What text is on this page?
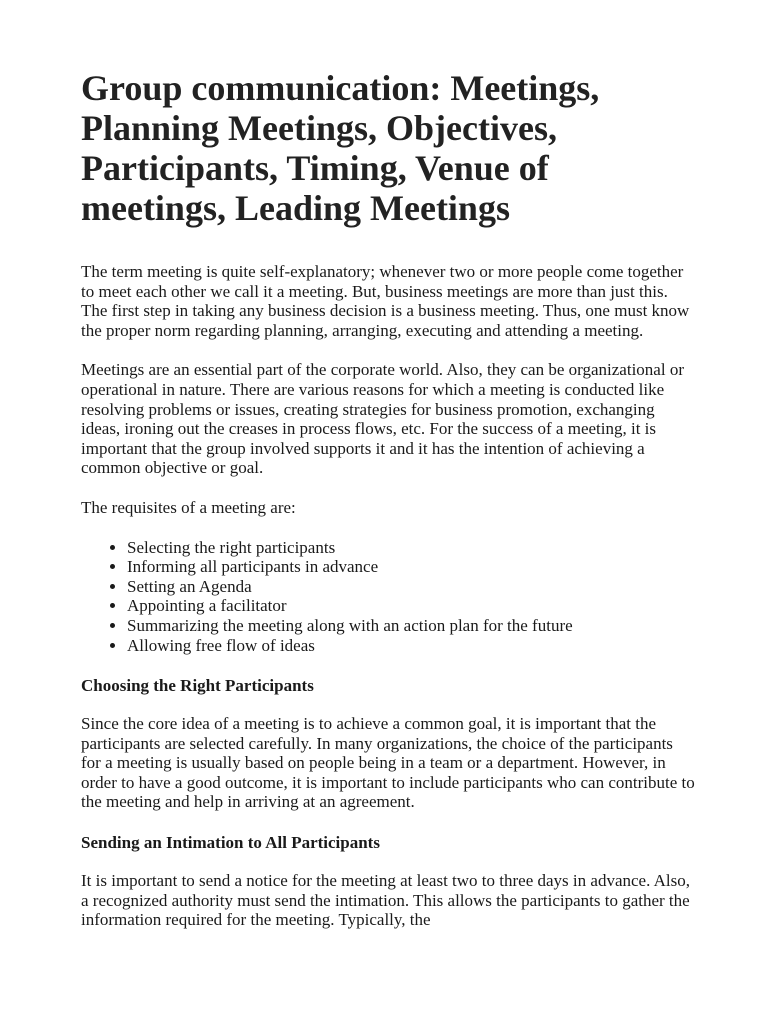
Group communication: Meetings, Planning Meetings, Objectives, Participants, Timing, Venue of meetings, Leading Meetings

The term meeting is quite self-explanatory; whenever two or more people come together to meet each other we call it a meeting. But, business meetings are more than just this. The first step in taking any business decision is a business meeting. Thus, one must know the proper norm regarding planning, arranging, executing and attending a meeting.

Meetings are an essential part of the corporate world. Also, they can be organizational or operational in nature. There are various reasons for which a meeting is conducted like resolving problems or issues, creating strategies for business promotion, exchanging ideas, ironing out the creases in process flows, etc. For the success of a meeting, it is important that the group involved supports it and it has the intention of achieving a common objective or goal.

The requisites of a meeting are:

• Selecting the right participants
• Informing all participants in advance
• Setting an Agenda
• Appointing a facilitator
• Summarizing the meeting along with an action plan for the future
• Allowing free flow of ideas
Choosing the Right Participants

Since the core idea of a meeting is to achieve a common goal, it is important that the participants are selected carefully. In many organizations, the choice of the participants for a meeting is usually based on people being in a team or a department. However, in order to have a good outcome, it is important to include participants who can contribute to the meeting and help in arriving at an agreement.

Sending an Intimation to All Participants

It is important to send a notice for the meeting at least two to three days in advance. Also, a recognized authority must send the intimation. This allows the participants to gather the information required for the meeting. Typically, the
